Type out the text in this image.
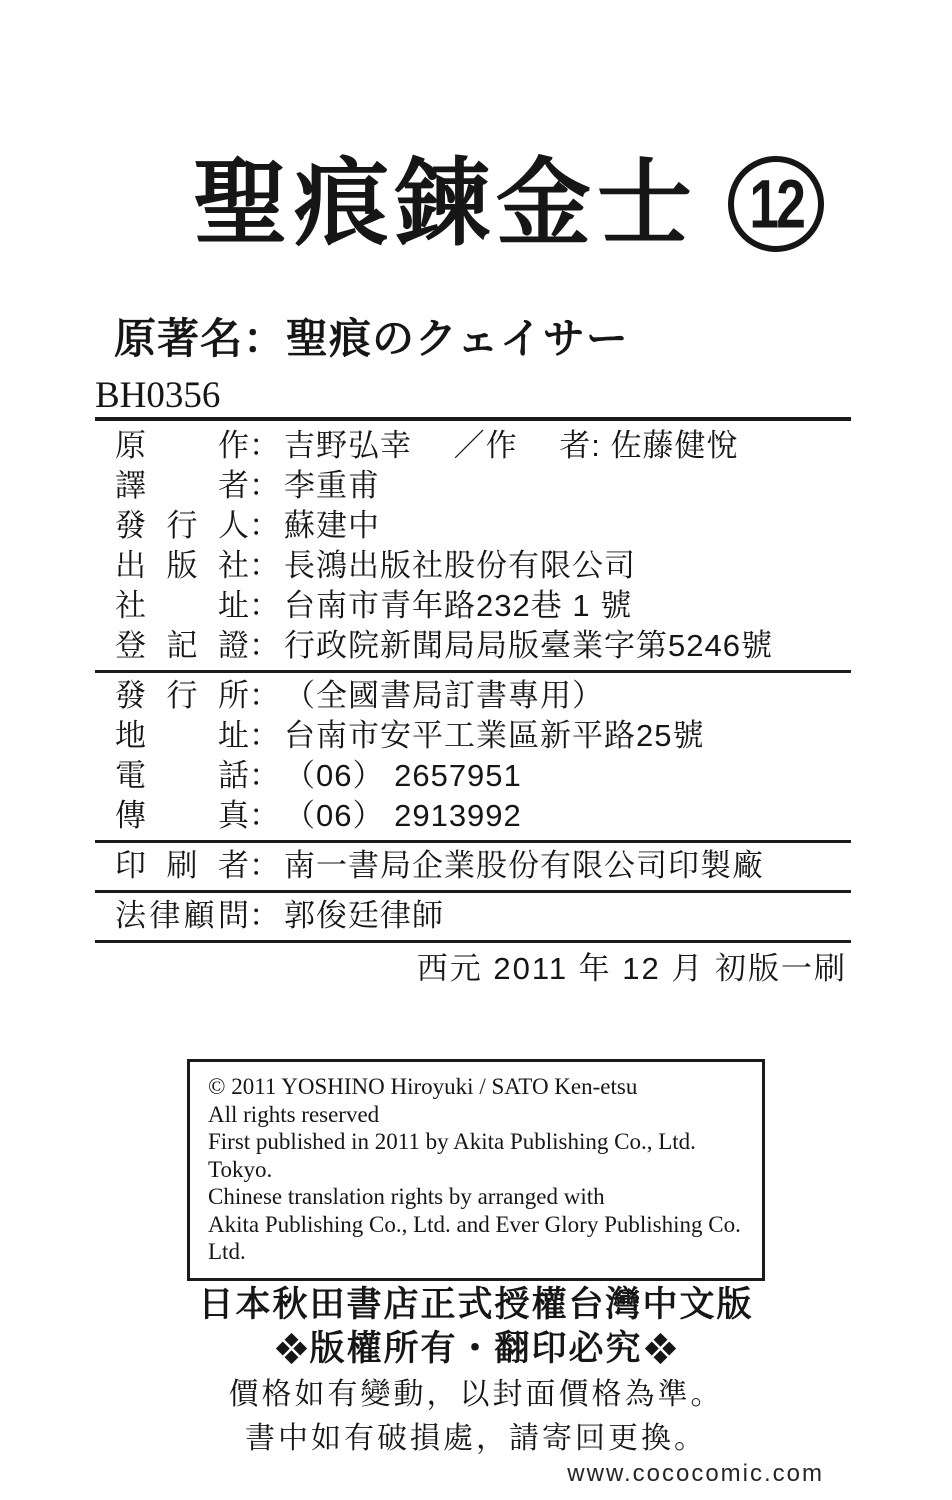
聖痕鍊金士 12
原著名：聖痕のクェイサー
BH0356
原作 ： 吉野弘幸　 ／作 　者: 佐藤健悅
譯者 ： 李重甫
發行人 ： 蘇建中
出版社 ： 長鴻出版社股份有限公司
社址 ： 台南市青年路232巷 1 號
登記證 ： 行政院新聞局局版臺業字第5246號
發行所 ： （全國書局訂書專用）
地址 ： 台南市安平工業區新平路25號
電話 ： （06） 2657951
傳真 ： （06） 2913992
印刷者 ： 南一書局企業股份有限公司印製廠
法律顧問 ： 郭俊廷律師
西元 2011 年 12 月 初版一刷
© 2011 YOSHINO Hiroyuki / SATO Ken-etsu
All rights reserved
First published in 2011 by Akita Publishing Co., Ltd. Tokyo.
Chinese translation rights by arranged with
Akita Publishing Co., Ltd. and Ever Glory Publishing Co. Ltd.
日本秋田書店正式授權台灣中文版
版權所有・翻印必究
價格如有變動，以封面價格為準。
書中如有破損處，請寄回更換。
www.cococomic.com
